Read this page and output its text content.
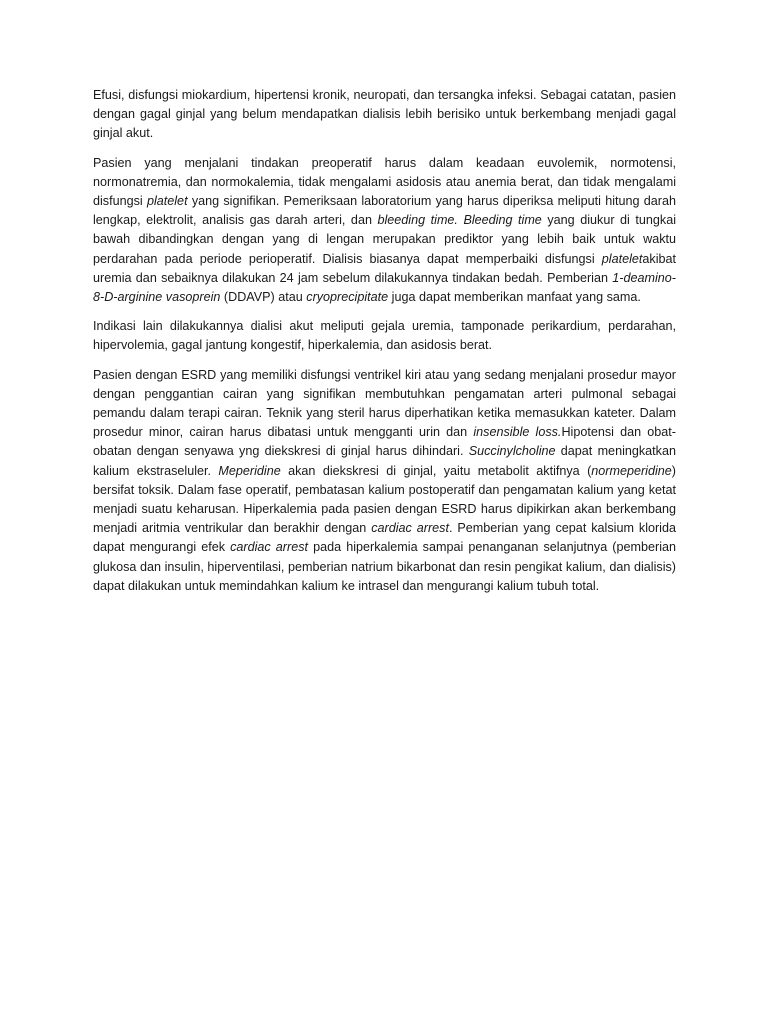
Efusi, disfungsi miokardium, hipertensi kronik, neuropati, dan tersangka infeksi. Sebagai catatan, pasien dengan gagal ginjal yang belum mendapatkan dialisis lebih berisiko untuk berkembang menjadi gagal ginjal akut.

Pasien yang menjalani tindakan preoperatif harus dalam keadaan euvolemik, normotensi, normonatremia, dan normokalemia, tidak mengalami asidosis atau anemia berat, dan tidak mengalami disfungsi platelet yang signifikan. Pemeriksaan laboratorium yang harus diperiksa meliputi hitung darah lengkap, elektrolit, analisis gas darah arteri, dan bleeding time. Bleeding time yang diukur di tungkai bawah dibandingkan dengan yang di lengan merupakan prediktor yang lebih baik untuk waktu perdarahan pada periode perioperatif. Dialisis biasanya dapat memperbaiki disfungsi plateletakibat uremia dan sebaiknya dilakukan 24 jam sebelum dilakukannya tindakan bedah. Pemberian 1-deamino-8-D-arginine vasoprein (DDAVP) atau cryoprecipitate juga dapat memberikan manfaat yang sama.

Indikasi lain dilakukannya dialisi akut meliputi gejala uremia, tamponade perikardium, perdarahan, hipervolemia, gagal jantung kongestif, hiperkalemia, dan asidosis berat.

Pasien dengan ESRD yang memiliki disfungsi ventrikel kiri atau yang sedang menjalani prosedur mayor dengan penggantian cairan yang signifikan membutuhkan pengamatan arteri pulmonal sebagai pemandu dalam terapi cairan. Teknik yang steril harus diperhatikan ketika memasukkan kateter. Dalam prosedur minor, cairan harus dibatasi untuk mengganti urin dan insensible loss.Hipotensi dan obat-obatan dengan senyawa yng diekskresi di ginjal harus dihindari. Succinylcholine dapat meningkatkan kalium ekstraseluler. Meperidine akan diekskresi di ginjal, yaitu metabolit aktifnya (normeperidine) bersifat toksik. Dalam fase operatif, pembatasan kalium postoperatif dan pengamatan kalium yang ketat menjadi suatu keharusan. Hiperkalemia pada pasien dengan ESRD harus dipikirkan akan berkembang menjadi aritmia ventrikular dan berakhir dengan cardiac arrest. Pemberian yang cepat kalsium klorida dapat mengurangi efek cardiac arrest pada hiperkalemia sampai penanganan selanjutnya (pemberian glukosa dan insulin, hiperventilasi, pemberian natrium bikarbonat dan resin pengikat kalium, dan dialisis) dapat dilakukan untuk memindahkan kalium ke intrasel dan mengurangi kalium tubuh total.
